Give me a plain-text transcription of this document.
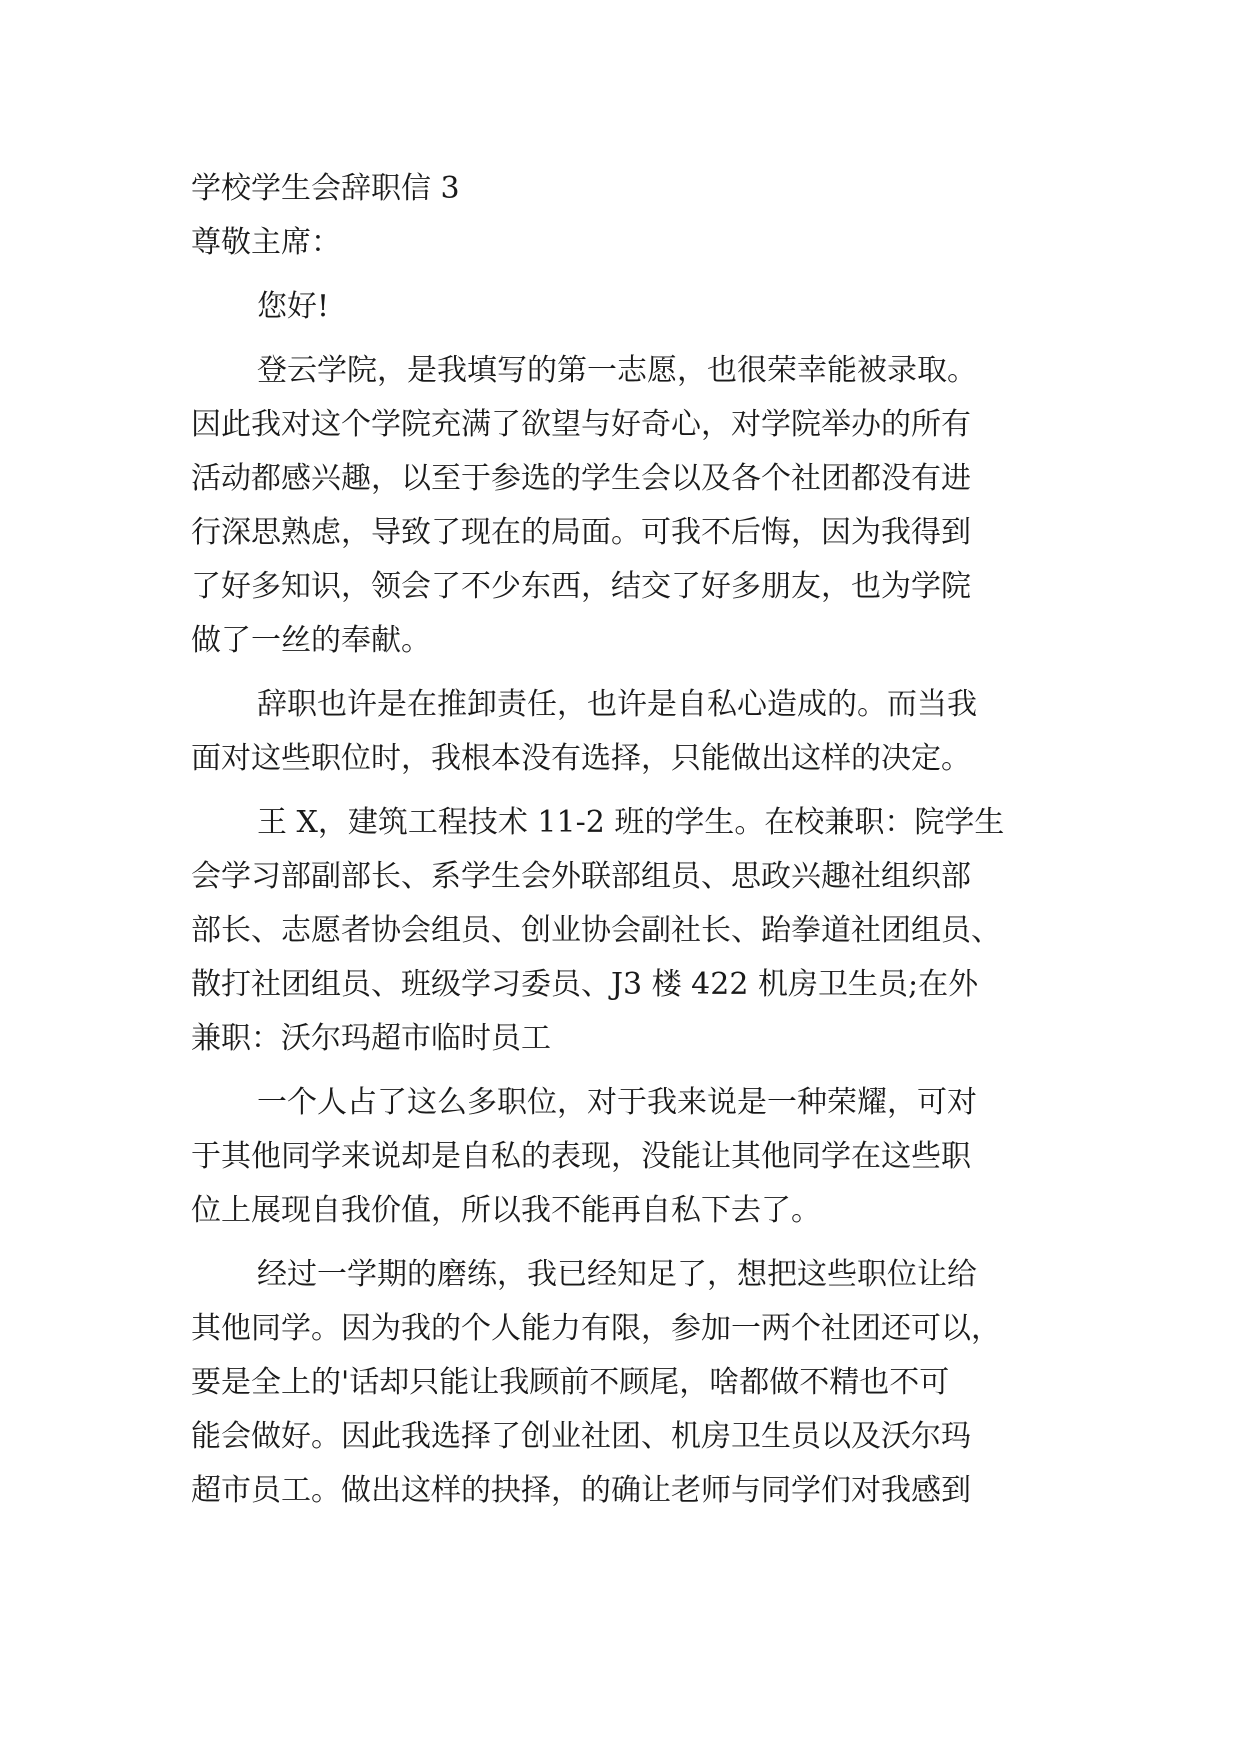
学校学生会辞职信 3
尊敬主席：
您好!
登云学院，是我填写的第一志愿，也很荣幸能被录取。
因此我对这个学院充满了欲望与好奇心，对学院举办的所有
活动都感兴趣，以至于参选的学生会以及各个社团都没有进
行深思熟虑，导致了现在的局面。可我不后悔，因为我得到
了好多知识，领会了不少东西，结交了好多朋友，也为学院
做了一丝的奉献。
辞职也许是在推卸责任，也许是自私心造成的。而当我
面对这些职位时，我根本没有选择，只能做出这样的决定。
王 X，建筑工程技术 11-2 班的学生。在校兼职：院学生
会学习部副部长、系学生会外联部组员、思政兴趣社组织部
部长、志愿者协会组员、创业协会副社长、跆拳道社团组员、
散打社团组员、班级学习委员、J3 楼 422 机房卫生员;在外
兼职：沃尔玛超市临时员工
一个人占了这么多职位，对于我来说是一种荣耀，可对
于其他同学来说却是自私的表现，没能让其他同学在这些职
位上展现自我价值，所以我不能再自私下去了。
经过一学期的磨练，我已经知足了，想把这些职位让给
其他同学。因为我的个人能力有限，参加一两个社团还可以，
要是全上的'话却只能让我顾前不顾尾，啥都做不精也不可
能会做好。因此我选择了创业社团、机房卫生员以及沃尔玛
超市员工。做出这样的抉择，的确让老师与同学们对我感到
